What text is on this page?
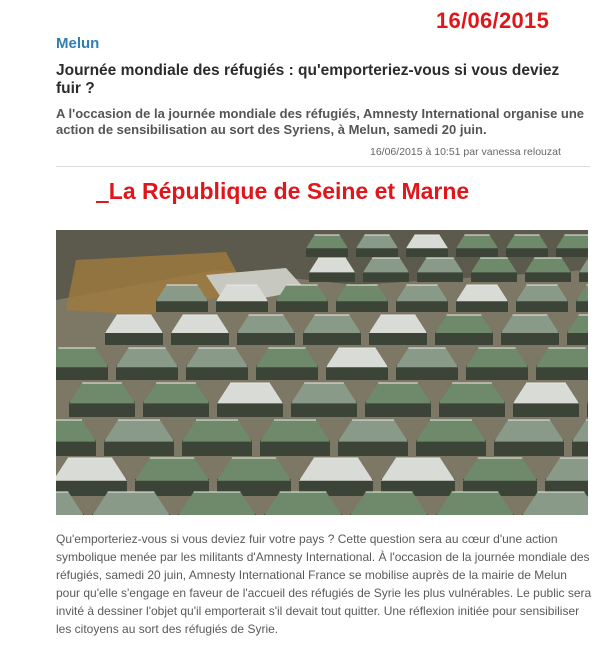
16/06/2015
Melun
Journée mondiale des réfugiés : qu'emporteriez-vous si vous deviez fuir ?
A l'occasion de la journée mondiale des réfugiés, Amnesty International organise une action de sensibilisation au sort des Syriens, à Melun, samedi 20 juin.
16/06/2015 à 10:51 par vanessa relouzat
La République de Seine et Marne

Qu'emporteriez-vous si vous deviez fuir votre pays ? Cette question sera au cœur d'une action symbolique menée par les militants d'Amnesty International. À l'occasion de la journée mondiale des réfugiés, samedi 20 juin, Amnesty International France se mobilise auprès de la mairie de Melun pour qu'elle s'engage en faveur de l'accueil des réfugiés de Syrie les plus vulnérables. Le public sera invité à dessiner l'objet qu'il emporterait s'il devait tout quitter. Une réflexion initiée pour sensibiliser les citoyens au sort des réfugiés de Syrie.
